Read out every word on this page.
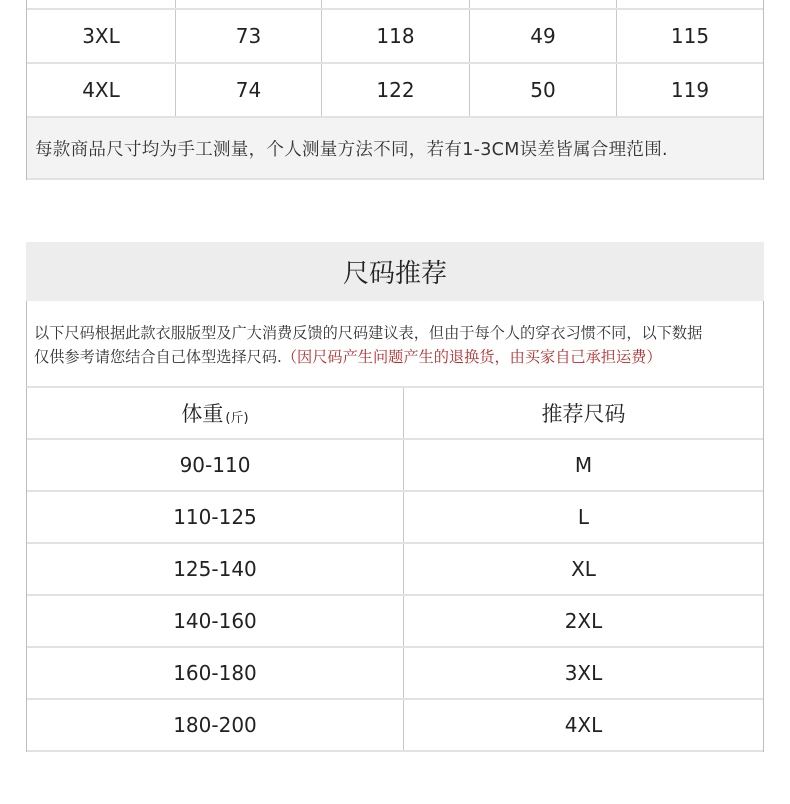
3XL	73	118	49	115
4XL	74	122	50	119
每款商品尺寸均为手工测量，个人测量方法不同，若有1-3CM误差皆属合理范围.
尺码推荐
以下尺码根据此款衣服版型及广大消费反馈的尺码建议表，但由于每个人的穿衣习惯不同，以下数据
仅供参考请您结合自己体型选择尺码.（因尺码产生问题产生的退换货，由买家自己承担运费）
体重 (斤)	推荐尺码
90-110	M
110-125	L
125-140	XL
140-160	2XL
160-180	3XL
180-200	4XL
